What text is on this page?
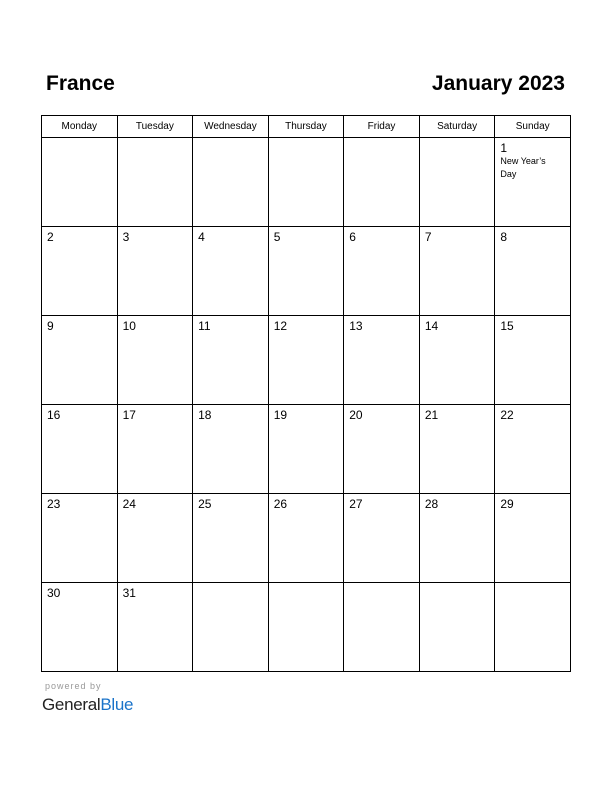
France	January 2023
Monday	Tuesday	Wednesday	Thursday	Friday	Saturday	Sunday

						1
New Year’s Day

2	3	4	5	6	7	8

9	10	11	12	13	14	15

16	17	18	19	20	21	22

23	24	25	26	27	28	29

30	31					

powered by
GeneralBlue
